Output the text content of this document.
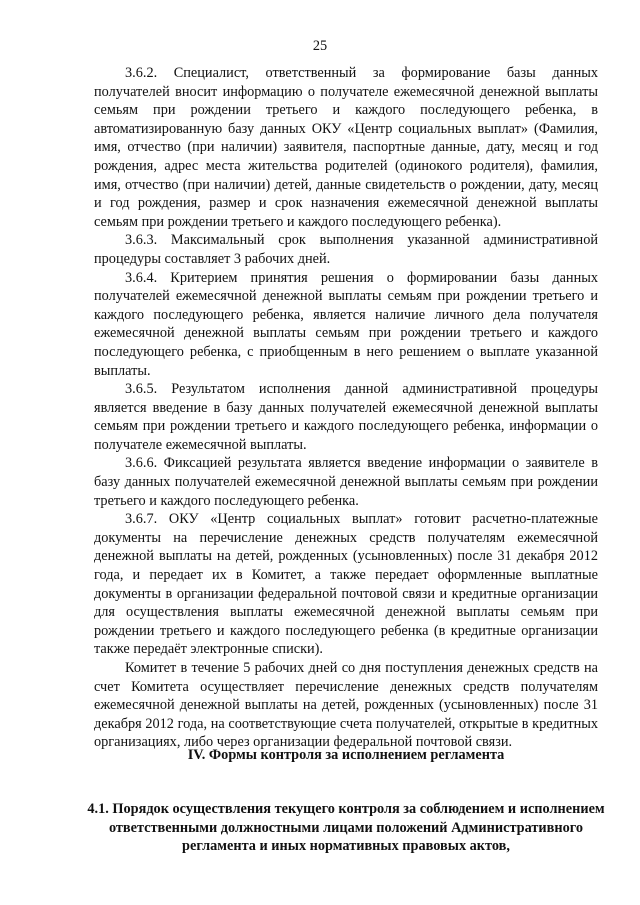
25

3.6.2. Специалист, ответственный за формирование базы данных получателей вносит информацию о получателе ежемесячной денежной выплаты семьям при рождении третьего и каждого последующего ребенка, в автоматизированную базу данных ОКУ «Центр социальных выплат» (Фамилия, имя, отчество (при наличии) заявителя, паспортные данные, дату, месяц и год рождения, адрес места жительства родителей (одинокого родителя), фамилия, имя, отчество (при наличии) детей, данные свидетельств о рождении, дату, месяц и год рождения, размер и срок назначения ежемесячной денежной выплаты семьям при рождении третьего и каждого последующего ребенка).

3.6.3. Максимальный срок выполнения указанной административной процедуры составляет 3 рабочих дней.

3.6.4. Критерием принятия решения о формировании базы данных получателей ежемесячной денежной выплаты семьям при рождении третьего и каждого последующего ребенка, является наличие личного дела получателя ежемесячной денежной выплаты семьям при рождении третьего и каждого последующего ребенка, с приобщенным в него решением о выплате указанной выплаты.

3.6.5. Результатом исполнения данной административной процедуры является введение в базу данных получателей ежемесячной денежной выплаты семьям при рождении третьего и каждого последующего ребенка, информации о получателе ежемесячной выплаты.

3.6.6. Фиксацией результата является введение информации о заявителе в базу данных получателей ежемесячной денежной выплаты семьям при рождении третьего и каждого последующего ребенка.

3.6.7. ОКУ «Центр социальных выплат» готовит расчетно-платежные документы на перечисление денежных средств получателям ежемесячной денежной выплаты на детей, рожденных (усыновленных) после 31 декабря 2012 года, и передает их в Комитет, а также передает оформленные выплатные документы в организации федеральной почтовой связи и кредитные организации для осуществления выплаты ежемесячной денежной выплаты семьям при рождении третьего и каждого последующего ребенка (в кредитные организации также передаёт электронные списки).

Комитет в течение 5 рабочих дней со дня поступления денежных средств на счет Комитета осуществляет перечисление денежных средств получателям ежемесячной денежной выплаты на детей, рожденных (усыновленных) после 31 декабря 2012 года, на соответствующие счета получателей, открытые в кредитных организациях, либо через организации федеральной почтовой связи.

IV. Формы контроля за исполнением регламента
4.1. Порядок осуществления текущего контроля за соблюдением и исполнением ответственными должностными лицами положений Административного регламента и иных нормативных правовых актов,
